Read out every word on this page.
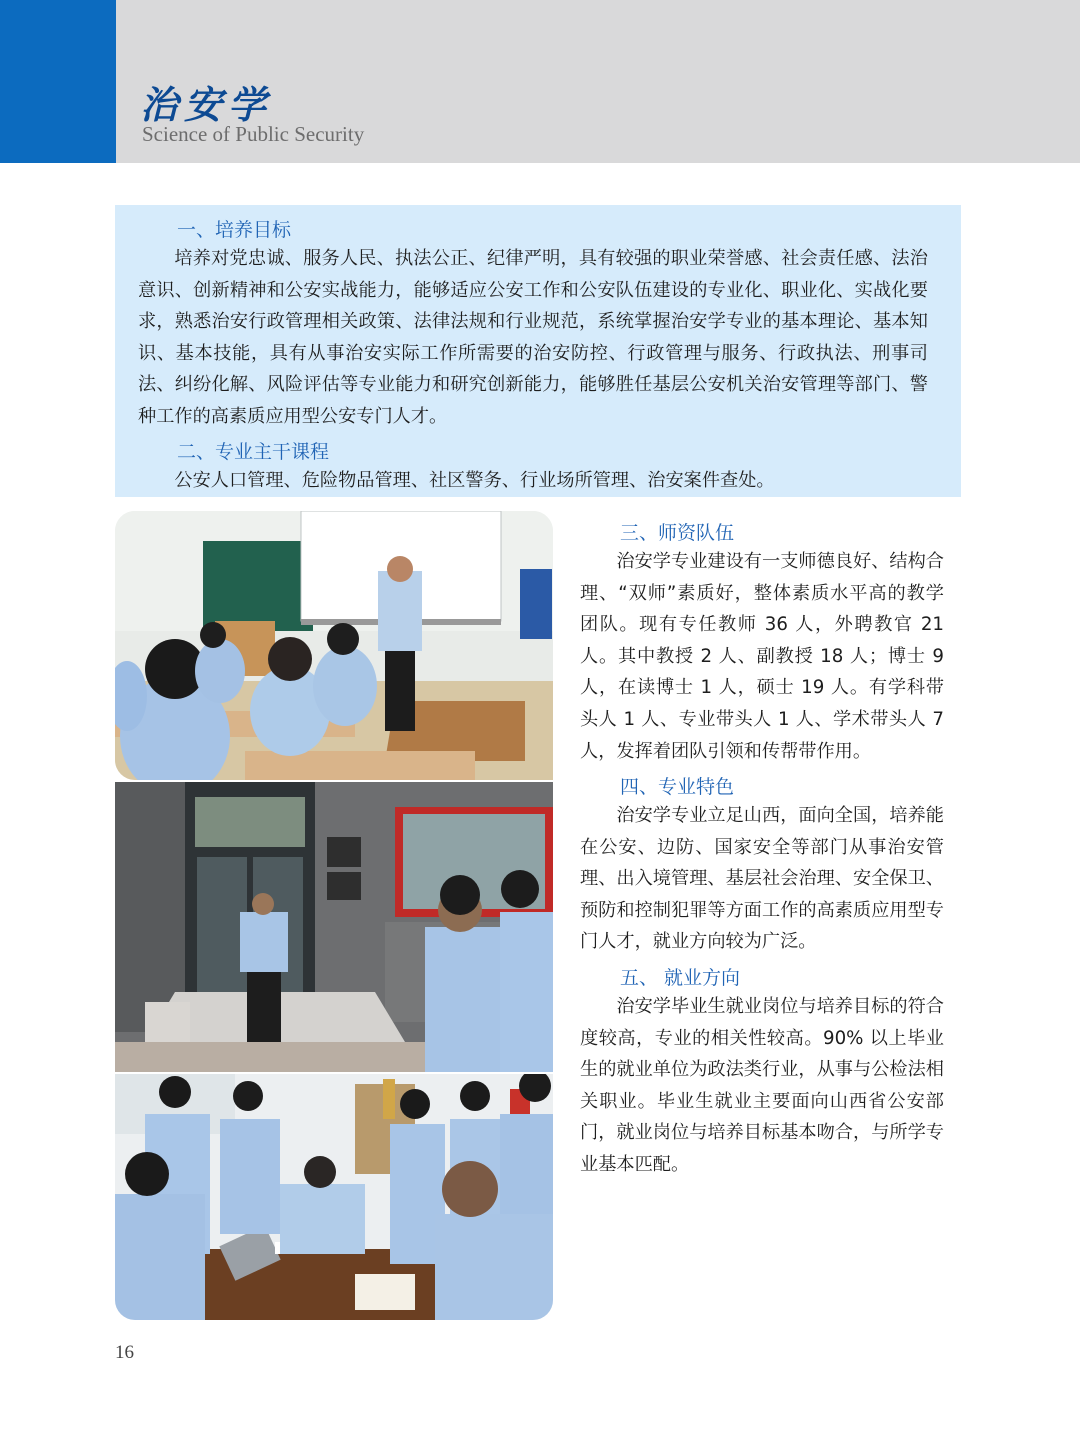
治安学
Science of Public Security
一、培养目标

培养对党忠诚、服务人民、执法公正、纪律严明，具有较强的职业荣誉感、社会责任感、法治意识、创新精神和公安实战能力，能够适应公安工作和公安队伍建设的专业化、职业化、实战化要求，熟悉治安行政管理相关政策、法律法规和行业规范，系统掌握治安学专业的基本理论、基本知识、基本技能，具有从事治安实际工作所需要的治安防控、行政管理与服务、行政执法、刑事司法、纠纷化解、风险评估等专业能力和研究创新能力，能够胜任基层公安机关治安管理等部门、警种工作的高素质应用型公安专门人才。

二、专业主干课程

公安人口管理、危险物品管理、社区警务、行业场所管理、治安案件查处。

三、师资队伍

治安学专业建设有一支师德良好、结构合理、“双师”素质好，整体素质水平高的教学团队。现有专任教师 36 人，外聘教官 21 人。其中教授 2 人、副教授 18 人；博士 9 人，在读博士 1 人，硕士 19 人。有学科带头人 1 人、专业带头人 1 人、学术带头人 7 人，发挥着团队引领和传帮带作用。

四、专业特色

治安学专业立足山西，面向全国，培养能在公安、边防、国家安全等部门从事治安管理、出入境管理、基层社会治理、安全保卫、预防和控制犯罪等方面工作的高素质应用型专门人才，就业方向较为广泛。

五、 就业方向

治安学毕业生就业岗位与培养目标的符合度较高，专业的相关性较高。90% 以上毕业生的就业单位为政法类行业，从事与公检法相关职业。毕业生就业主要面向山西省公安部门，就业岗位与培养目标基本吻合，与所学专业基本匹配。

16
